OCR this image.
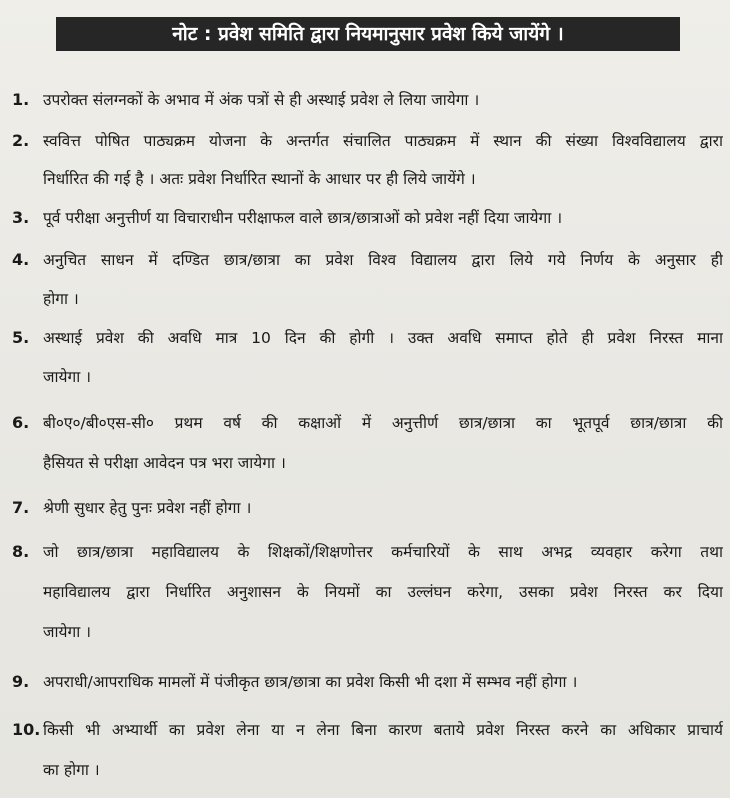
नोट : प्रवेश समिति द्वारा नियमानुसार प्रवेश किये जायेंगे ।
1. उपरोक्त संलग्नकों के अभाव में अंक पत्रों से ही अस्थाई प्रवेश ले लिया जायेगा ।
2. स्ववित्त पोषित पाठ्यक्रम योजना के अन्तर्गत संचालित पाठ्यक्रम में स्थान की संख्या विश्वविद्यालय द्वारा
निर्धारित की गई है । अतः प्रवेश निर्धारित स्थानों के आधार पर ही लिये जायेंगे ।
3. पूर्व परीक्षा अनुत्तीर्ण या विचाराधीन परीक्षाफल वाले छात्र/छात्राओं को प्रवेश नहीं दिया जायेगा ।
4. अनुचित साधन में दण्डित छात्र/छात्रा का प्रवेश विश्व विद्यालय द्वारा लिये गये निर्णय के अनुसार ही
होगा ।
5. अस्थाई प्रवेश की अवधि मात्र 10 दिन की होगी । उक्त अवधि समाप्त होते ही प्रवेश निरस्त माना
जायेगा ।
6. बी०ए०/बी०एस-सी० प्रथम वर्ष की कक्षाओं में अनुत्तीर्ण छात्र/छात्रा का भूतपूर्व छात्र/छात्रा की
हैसियत से परीक्षा आवेदन पत्र भरा जायेगा ।
7. श्रेणी सुधार हेतु पुनः प्रवेश नहीं होगा ।
8. जो छात्र/छात्रा महाविद्यालय के शिक्षकों/शिक्षणोत्तर कर्मचारियों के साथ अभद्र व्यवहार करेगा तथा
महाविद्यालय द्वारा निर्धारित अनुशासन के नियमों का उल्लंघन करेगा, उसका प्रवेश निरस्त कर दिया
जायेगा ।
9. अपराधी/आपराधिक मामलों में पंजीकृत छात्र/छात्रा का प्रवेश किसी भी दशा में सम्भव नहीं होगा ।
10. किसी भी अभ्यार्थी का प्रवेश लेना या न लेना बिना कारण बताये प्रवेश निरस्त करने का अधिकार प्राचार्य
का होगा ।
